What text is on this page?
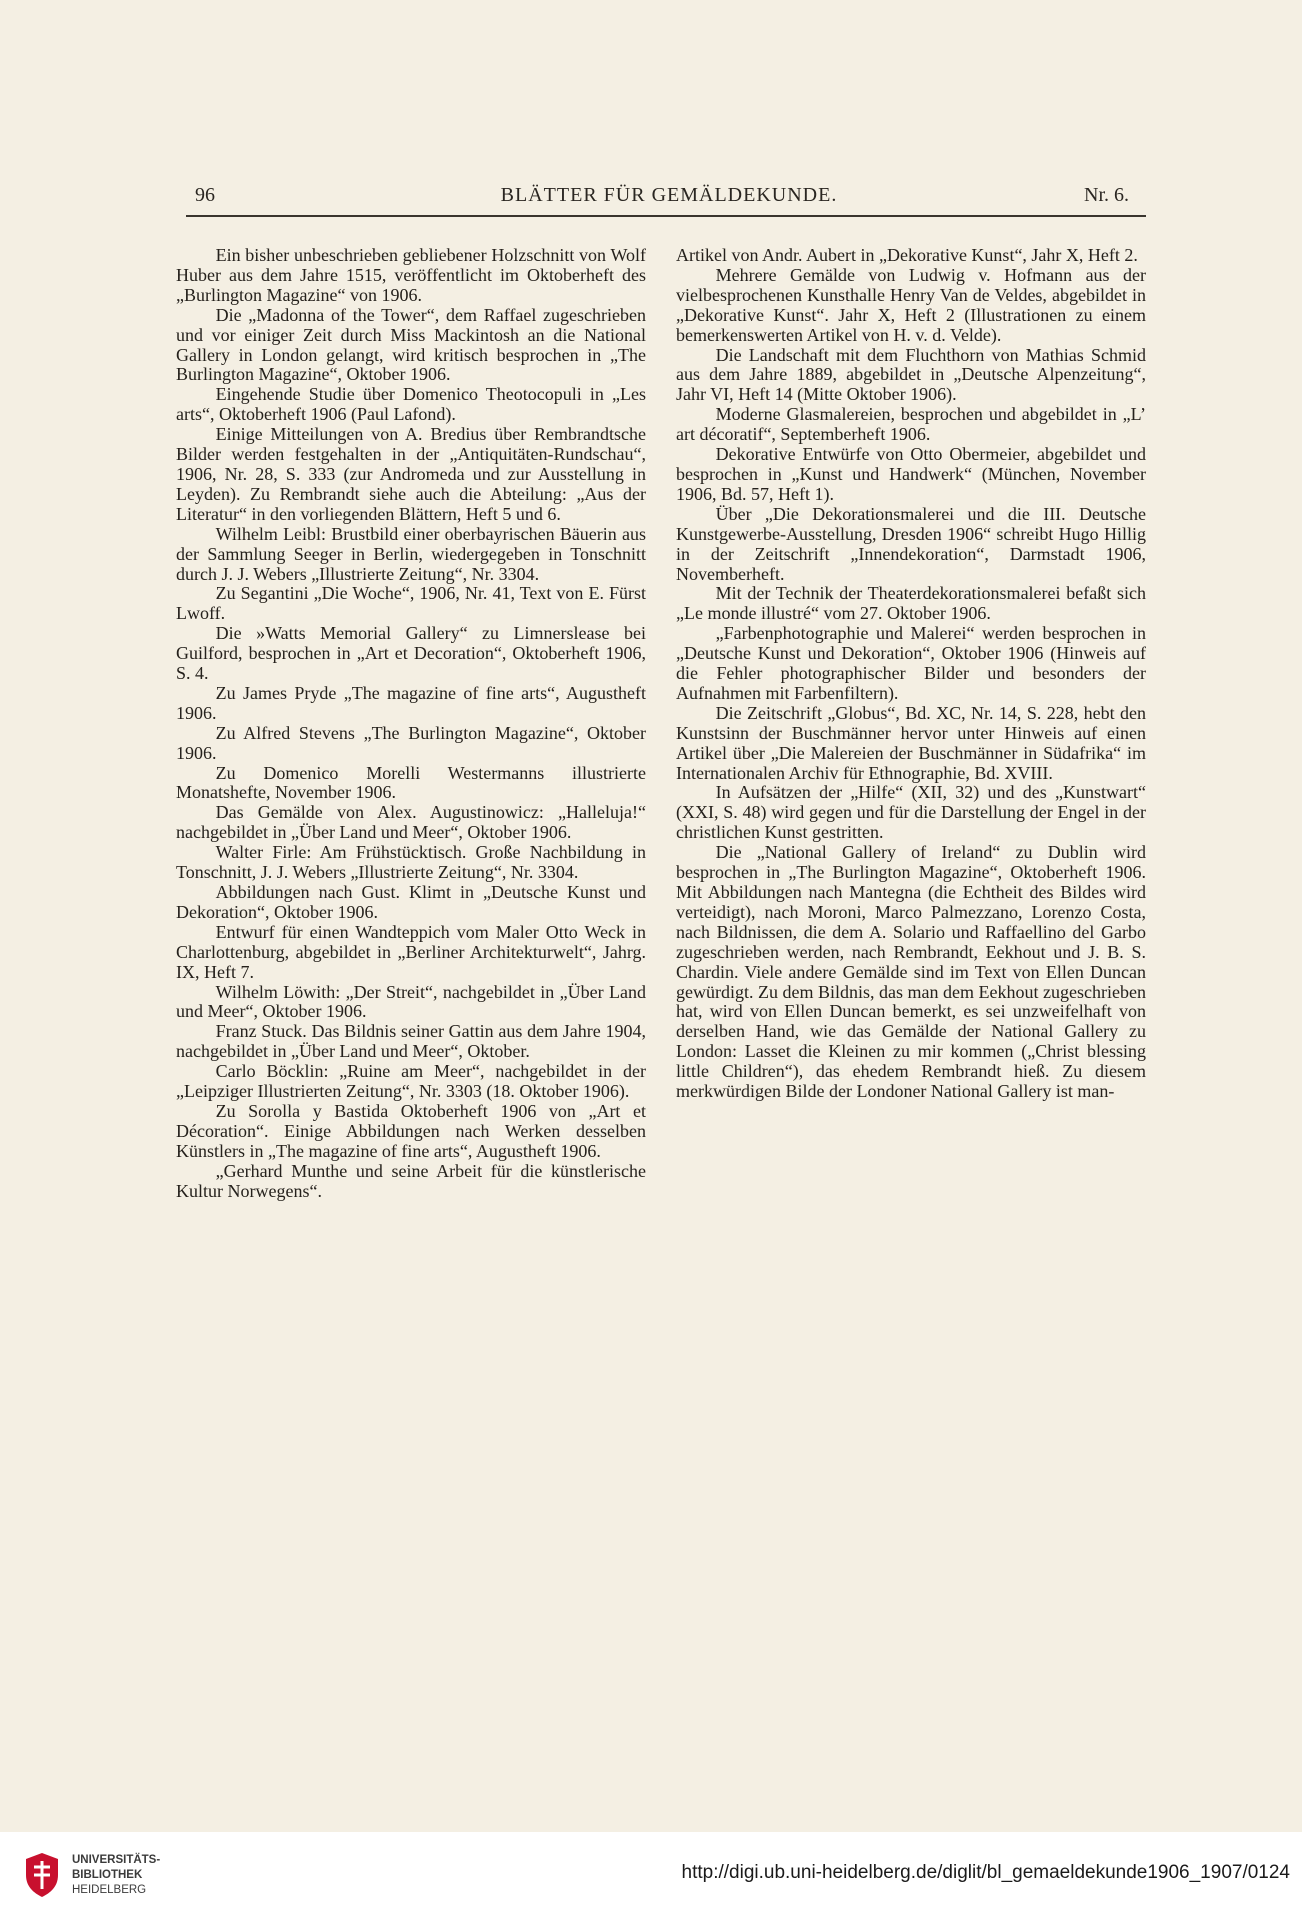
96	BLÄTTER FÜR GEMÄLDEKUNDE.	Nr. 6.

Ein bisher unbeschrieben gebliebener Holzschnitt von Wolf Huber aus dem Jahre 1515, veröffentlicht im Oktoberheft des „Burlington Magazine“ von 1906.

Die „Madonna of the Tower“, dem Raffael zugeschrieben und vor einiger Zeit durch Miss Mackintosh an die National Gallery in London gelangt, wird kritisch besprochen in „The Burlington Magazine“, Oktober 1906.

Eingehende Studie über Domenico Theotocopuli in „Les arts“, Oktoberheft 1906 (Paul Lafond).

Einige Mitteilungen von A. Bredius über Rembrandtsche Bilder werden festgehalten in der „Antiquitäten-Rundschau“, 1906, Nr. 28, S. 333 (zur Andromeda und zur Ausstellung in Leyden). Zu Rembrandt siehe auch die Abteilung: „Aus der Literatur“ in den vorliegenden Blättern, Heft 5 und 6.

Wilhelm Leibl: Brustbild einer oberbayrischen Bäuerin aus der Sammlung Seeger in Berlin, wiedergegeben in Tonschnitt durch J. J. Webers „Illustrierte Zeitung“, Nr. 3304.

Zu Segantini „Die Woche“, 1906, Nr. 41, Text von E. Fürst Lwoff.

Die »Watts Memorial Gallery“ zu Limnerslease bei Guilford, besprochen in „Art et Decoration“, Oktoberheft 1906, S. 4.

Zu James Pryde „The magazine of fine arts“, Augustheft 1906.

Zu Alfred Stevens „The Burlington Magazine“, Oktober 1906.

Zu Domenico Morelli Westermanns illustrierte Monatshefte, November 1906.

Das Gemälde von Alex. Augustinowicz: „Halleluja!“ nachgebildet in „Über Land und Meer“, Oktober 1906.

Walter Firle: Am Frühstücktisch. Große Nachbildung in Tonschnitt, J. J. Webers „Illustrierte Zeitung“, Nr. 3304.

Abbildungen nach Gust. Klimt in „Deutsche Kunst und Dekoration“, Oktober 1906.

Entwurf für einen Wandteppich vom Maler Otto Weck in Charlottenburg, abgebildet in „Berliner Architekturwelt“, Jahrg. IX, Heft 7.

Wilhelm Löwith: „Der Streit“, nachgebildet in „Über Land und Meer“, Oktober 1906.

Franz Stuck. Das Bildnis seiner Gattin aus dem Jahre 1904, nachgebildet in „Über Land und Meer“, Oktober.

Carlo Böcklin: „Ruine am Meer“, nachgebildet in der „Leipziger Illustrierten Zeitung“, Nr. 3303 (18. Oktober 1906).

Zu Sorolla y Bastida Oktoberheft 1906 von „Art et Décoration“. Einige Abbildungen nach Werken desselben Künstlers in „The magazine of fine arts“, Augustheft 1906.

„Gerhard Munthe und seine Arbeit für die künstlerische Kultur Norwegens“.

Artikel von Andr. Aubert in „Dekorative Kunst“, Jahr X, Heft 2.

Mehrere Gemälde von Ludwig v. Hofmann aus der vielbesprochenen Kunsthalle Henry Van de Veldes, abgebildet in „Dekorative Kunst“. Jahr X, Heft 2 (Illustrationen zu einem bemerkenswerten Artikel von H. v. d. Velde).

Die Landschaft mit dem Fluchthorn von Mathias Schmid aus dem Jahre 1889, abgebildet in „Deutsche Alpenzeitung“, Jahr VI, Heft 14 (Mitte Oktober 1906).

Moderne Glasmalereien, besprochen und abgebildet in „L’ art décoratif“, Septemberheft 1906.

Dekorative Entwürfe von Otto Obermeier, abgebildet und besprochen in „Kunst und Handwerk“ (München, November 1906, Bd. 57, Heft 1).

Über „Die Dekorationsmalerei und die III. Deutsche Kunstgewerbe-Ausstellung, Dresden 1906“ schreibt Hugo Hillig in der Zeitschrift „Innendekoration“, Darmstadt 1906, Novemberheft.

Mit der Technik der Theaterdekorationsmalerei befaßt sich „Le monde illustré“ vom 27. Oktober 1906.

„Farbenphotographie und Malerei“ werden besprochen in „Deutsche Kunst und Dekoration“, Oktober 1906 (Hinweis auf die Fehler photographischer Bilder und besonders der Aufnahmen mit Farbenfiltern).

Die Zeitschrift „Globus“, Bd. XC, Nr. 14, S. 228, hebt den Kunstsinn der Buschmänner hervor unter Hinweis auf einen Artikel über „Die Malereien der Buschmänner in Südafrika“ im Internationalen Archiv für Ethnographie, Bd. XVIII.

In Aufsätzen der „Hilfe“ (XII, 32) und des „Kunstwart“ (XXI, S. 48) wird gegen und für die Darstellung der Engel in der christlichen Kunst gestritten.

Die „National Gallery of Ireland“ zu Dublin wird besprochen in „The Burlington Magazine“, Oktoberheft 1906. Mit Abbildungen nach Mantegna (die Echtheit des Bildes wird verteidigt), nach Moroni, Marco Palmezzano, Lorenzo Costa, nach Bildnissen, die dem A. Solario und Raffaellino del Garbo zugeschrieben werden, nach Rembrandt, Eekhout und J. B. S. Chardin. Viele andere Gemälde sind im Text von Ellen Duncan gewürdigt. Zu dem Bildnis, das man dem Eekhout zugeschrieben hat, wird von Ellen Duncan bemerkt, es sei unzweifelhaft von derselben Hand, wie das Gemälde der National Gallery zu London: Lasset die Kleinen zu mir kommen („Christ blessing little Children“), das ehedem Rembrandt hieß. Zu diesem merkwürdigen Bilde der Londoner National Gallery ist man-

UNIVERSITÄTS-
BIBLIOTHEK
HEIDELBERG
http://digi.ub.uni-heidelberg.de/diglit/bl_gemaeldekunde1906_1907/0124
